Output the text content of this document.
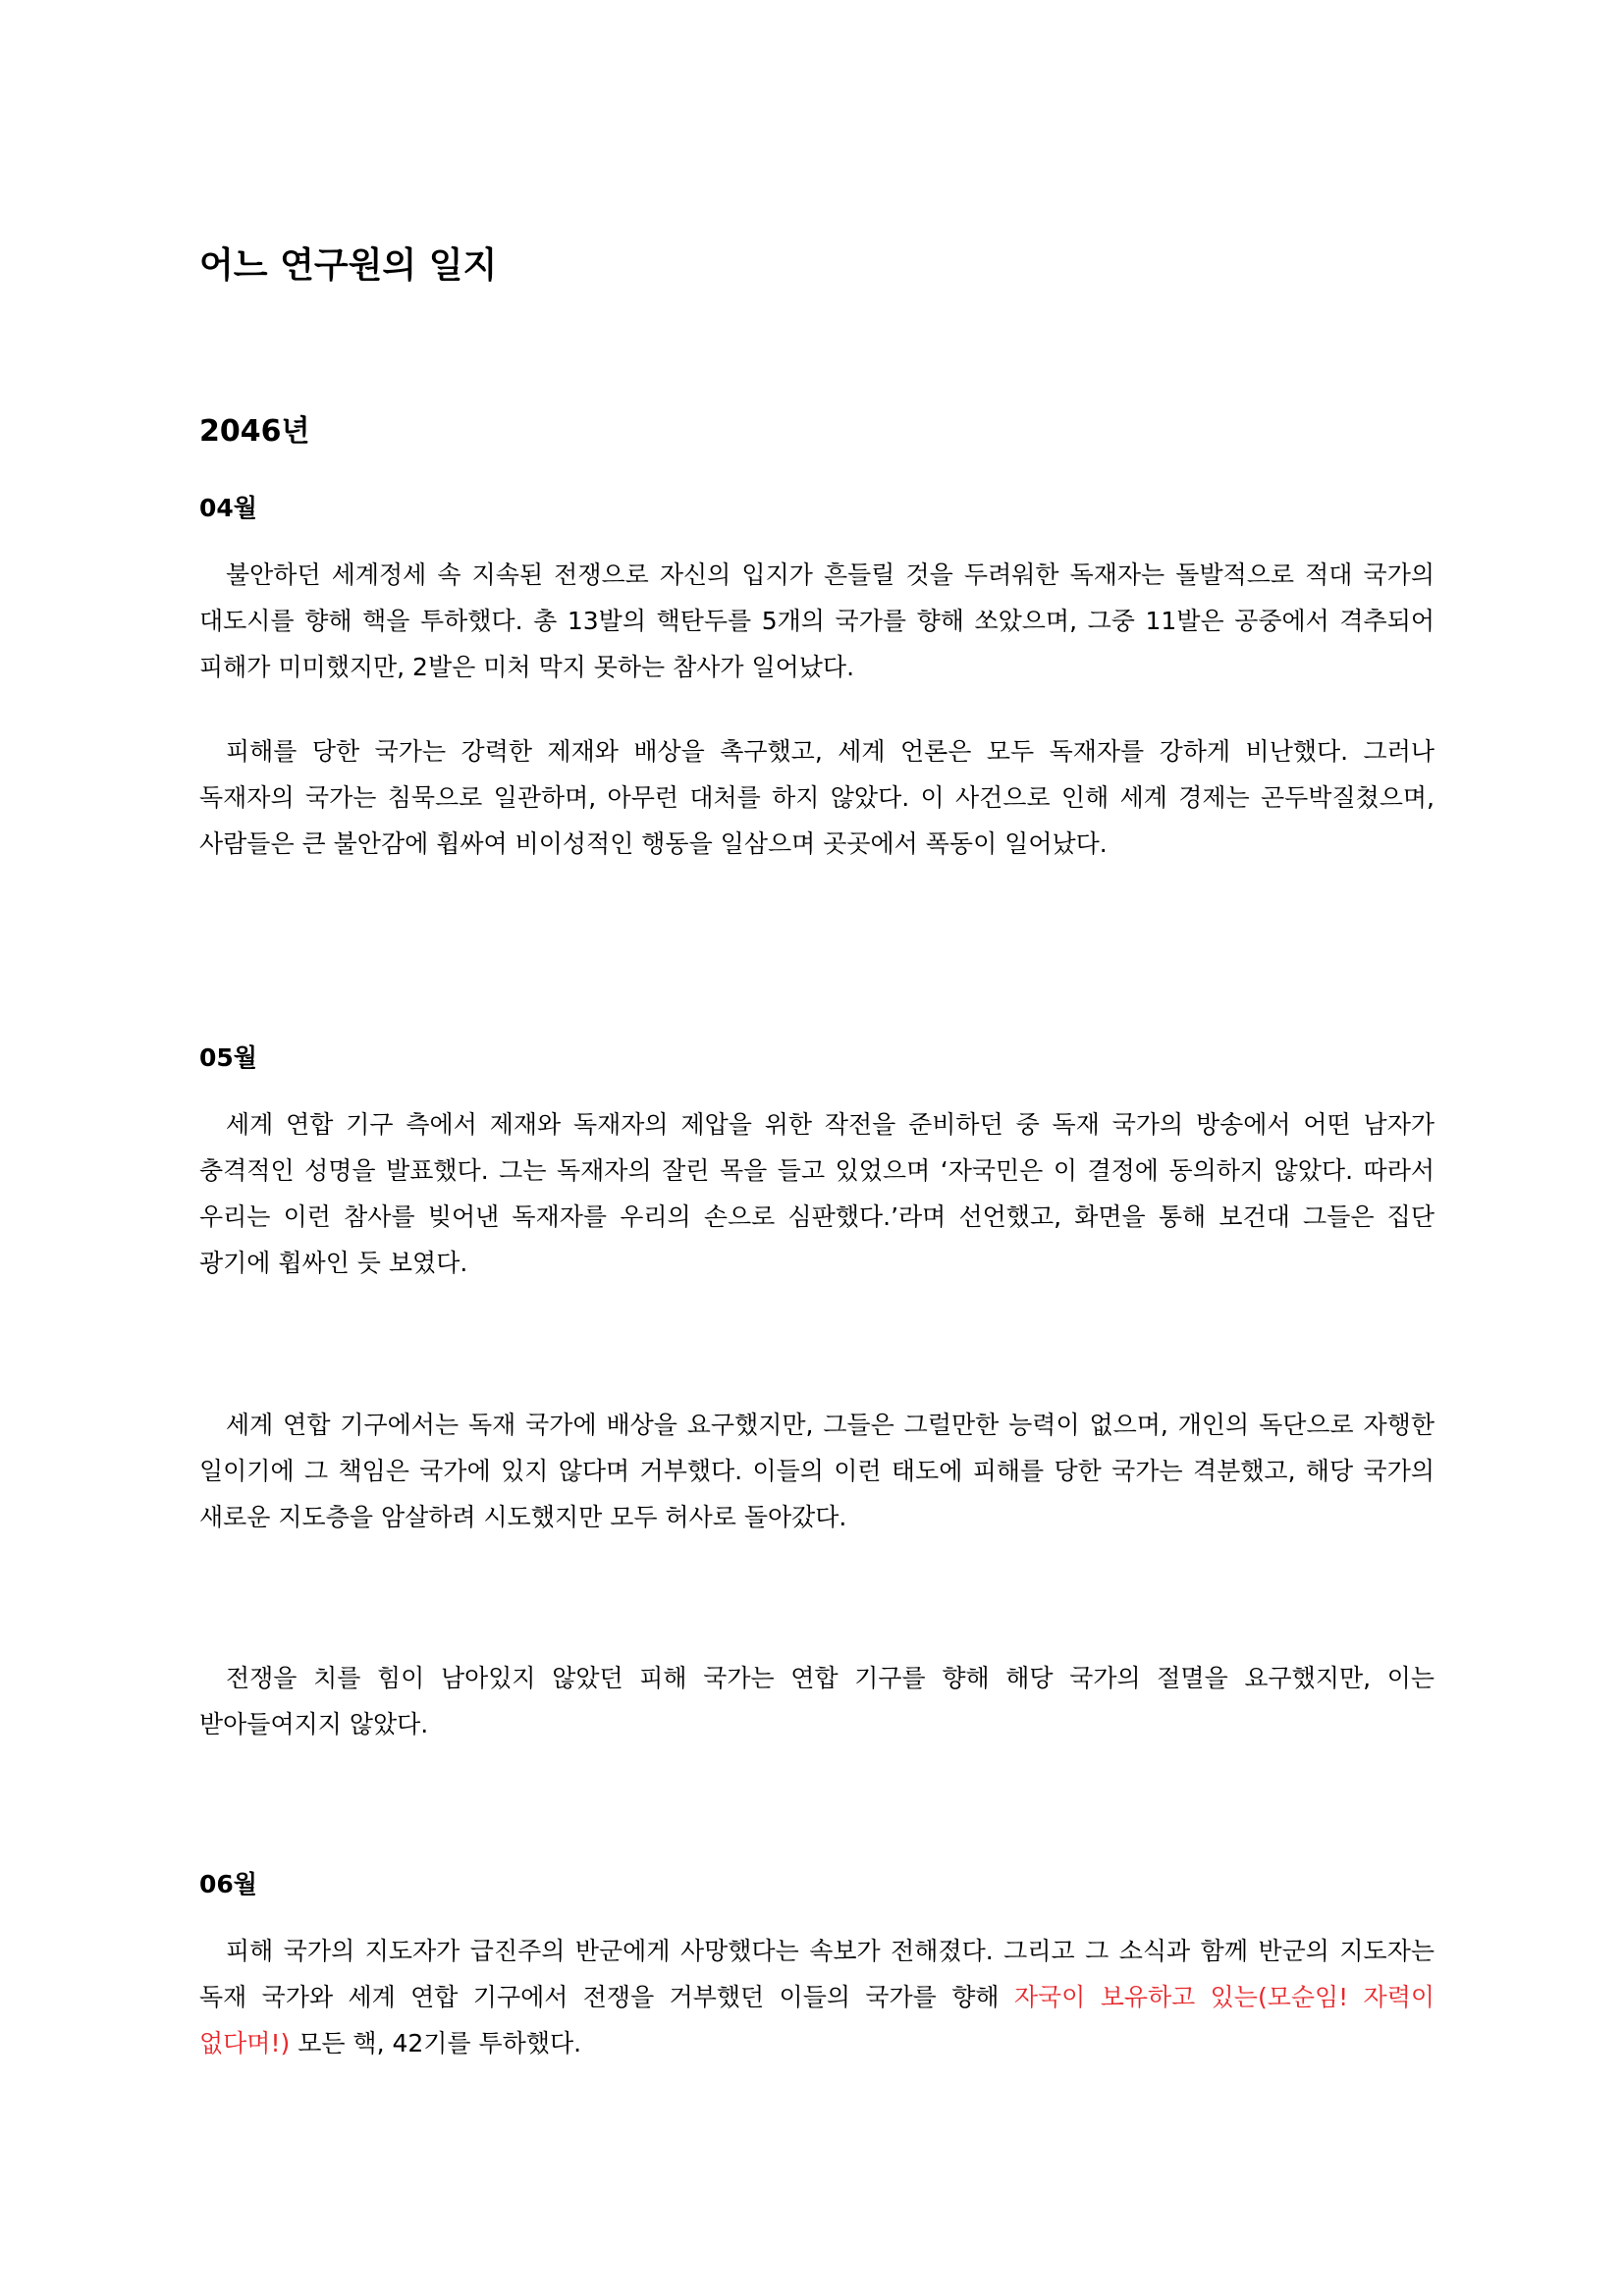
어느 연구원의 일지
2046년
04월

불안하던 세계정세 속 지속된 전쟁으로 자신의 입지가 흔들릴 것을 두려워한 독재자는 돌발적으로 적대 국가의 대도시를 향해 핵을 투하했다. 총 13발의 핵탄두를 5개의 국가를 향해 쏘았으며, 그중 11발은 공중에서 격추되어 피해가 미미했지만, 2발은 미처 막지 못하는 참사가 일어났다.

피해를 당한 국가는 강력한 제재와 배상을 촉구했고, 세계 언론은 모두 독재자를 강하게 비난했다. 그러나 독재자의 국가는 침묵으로 일관하며, 아무런 대처를 하지 않았다. 이 사건으로 인해 세계 경제는 곤두박질쳤으며, 사람들은 큰 불안감에 휩싸여 비이성적인 행동을 일삼으며 곳곳에서 폭동이 일어났다.

05월

세계 연합 기구 측에서 제재와 독재자의 제압을 위한 작전을 준비하던 중 독재 국가의 방송에서 어떤 남자가 충격적인 성명을 발표했다. 그는 독재자의 잘린 목을 들고 있었으며 ‘자국민은 이 결정에 동의하지 않았다. 따라서 우리는 이런 참사를 빚어낸 독재자를 우리의 손으로 심판했다.’라며 선언했고, 화면을 통해 보건대 그들은 집단 광기에 휩싸인 듯 보였다.

세계 연합 기구에서는 독재 국가에 배상을 요구했지만, 그들은 그럴만한 능력이 없으며, 개인의 독단으로 자행한 일이기에 그 책임은 국가에 있지 않다며 거부했다. 이들의 이런 태도에 피해를 당한 국가는 격분했고, 해당 국가의 새로운 지도층을 암살하려 시도했지만 모두 허사로 돌아갔다.

전쟁을 치를 힘이 남아있지 않았던 피해 국가는 연합 기구를 향해 해당 국가의 절멸을 요구했지만, 이는 받아들여지지 않았다.

06월

피해 국가의 지도자가 급진주의 반군에게 사망했다는 속보가 전해졌다. 그리고 그 소식과 함께 반군의 지도자는 독재 국가와 세계 연합 기구에서 전쟁을 거부했던 이들의 국가를 향해 자국이 보유하고 있는(모순임! 자력이 없다며!) 모든 핵, 42기를 투하했다.
